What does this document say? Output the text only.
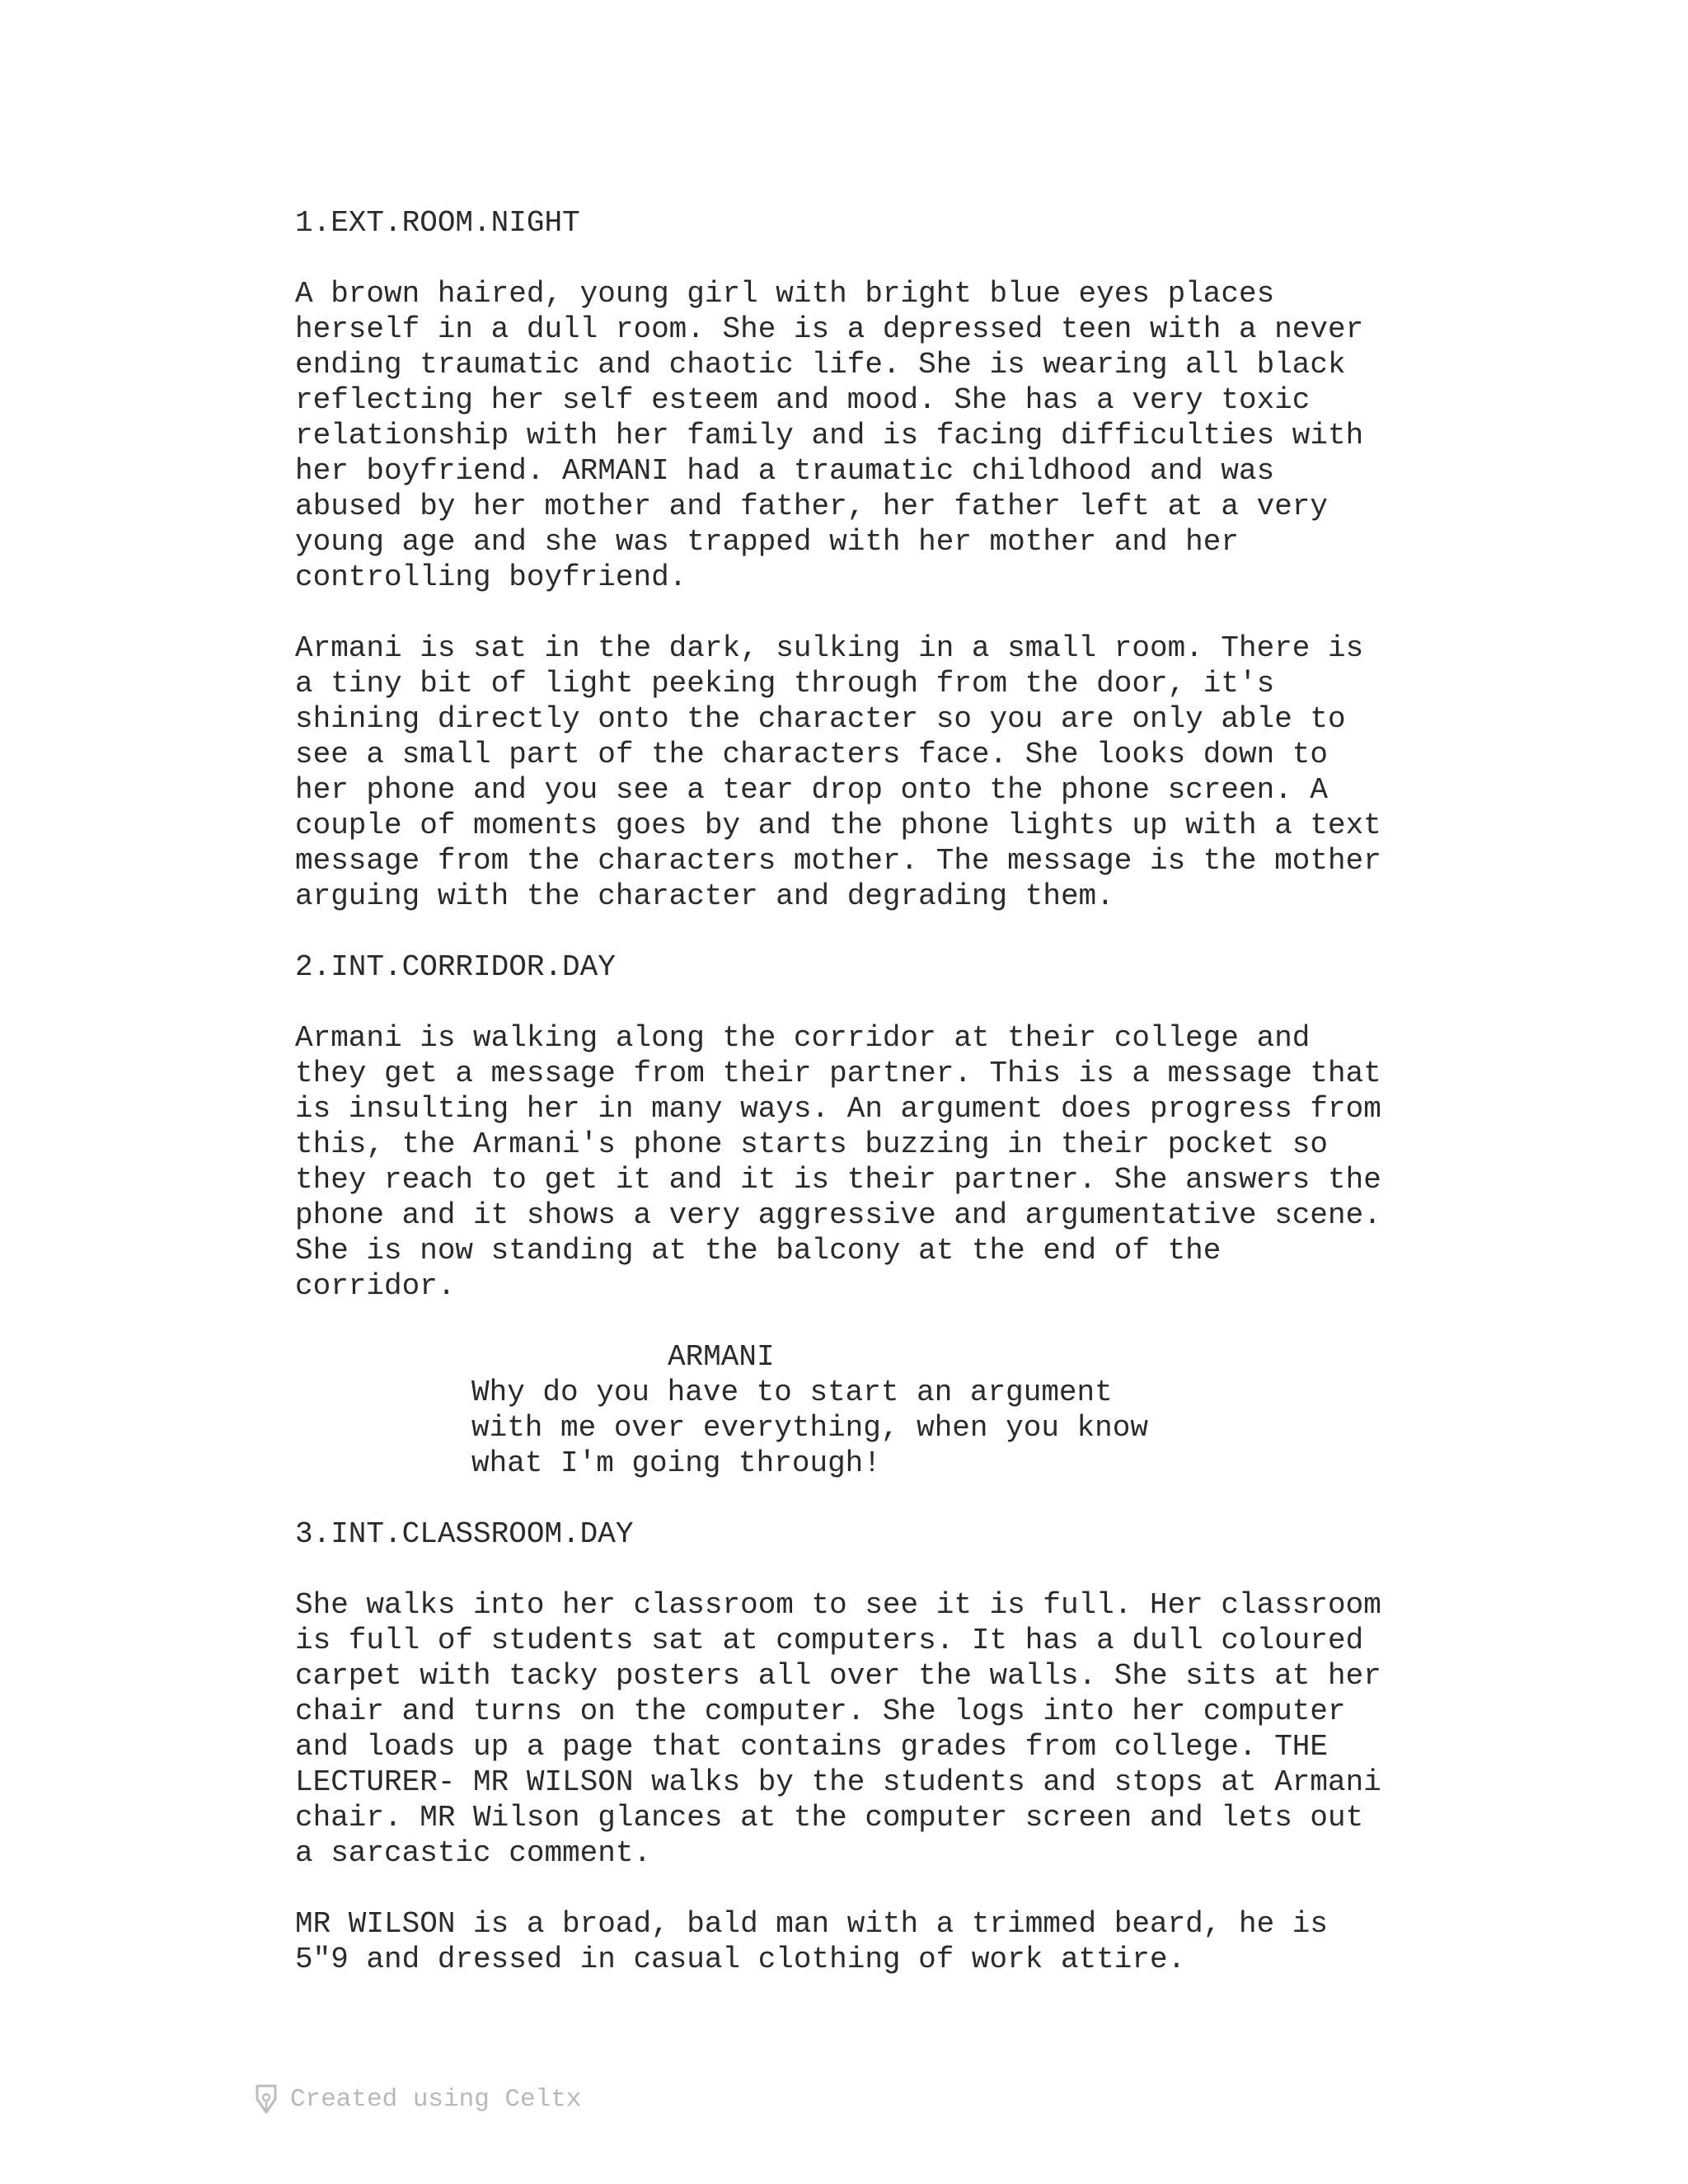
1.EXT.ROOM.NIGHT

A brown haired, young girl with bright blue eyes places
herself in a dull room. She is a depressed teen with a never
ending traumatic and chaotic life. She is wearing all black
reflecting her self esteem and mood. She has a very toxic
relationship with her family and is facing difficulties with
her boyfriend. ARMANI had a traumatic childhood and was
abused by her mother and father, her father left at a very
young age and she was trapped with her mother and her
controlling boyfriend.

Armani is sat in the dark, sulking in a small room. There is
a tiny bit of light peeking through from the door, it's
shining directly onto the character so you are only able to
see a small part of the characters face. She looks down to
her phone and you see a tear drop onto the phone screen. A
couple of moments goes by and the phone lights up with a text
message from the characters mother. The message is the mother
arguing with the character and degrading them.

2.INT.CORRIDOR.DAY

Armani is walking along the corridor at their college and
they get a message from their partner. This is a message that
is insulting her in many ways. An argument does progress from
this, the Armani's phone starts buzzing in their pocket so
they reach to get it and it is their partner. She answers the
phone and it shows a very aggressive and argumentative scene.
She is now standing at the balcony at the end of the
corridor.

ARMANI

Why do you have to start an argument
with me over everything, when you know
what I'm going through!

3.INT.CLASSROOM.DAY

She walks into her classroom to see it is full. Her classroom
is full of students sat at computers. It has a dull coloured
carpet with tacky posters all over the walls. She sits at her
chair and turns on the computer. She logs into her computer
and loads up a page that contains grades from college. THE
LECTURER- MR WILSON walks by the students and stops at Armani
chair. MR Wilson glances at the computer screen and lets out
a sarcastic comment.

MR WILSON is a broad, bald man with a trimmed beard, he is
5"9 and dressed in casual clothing of work attire.

Created using Celtx
